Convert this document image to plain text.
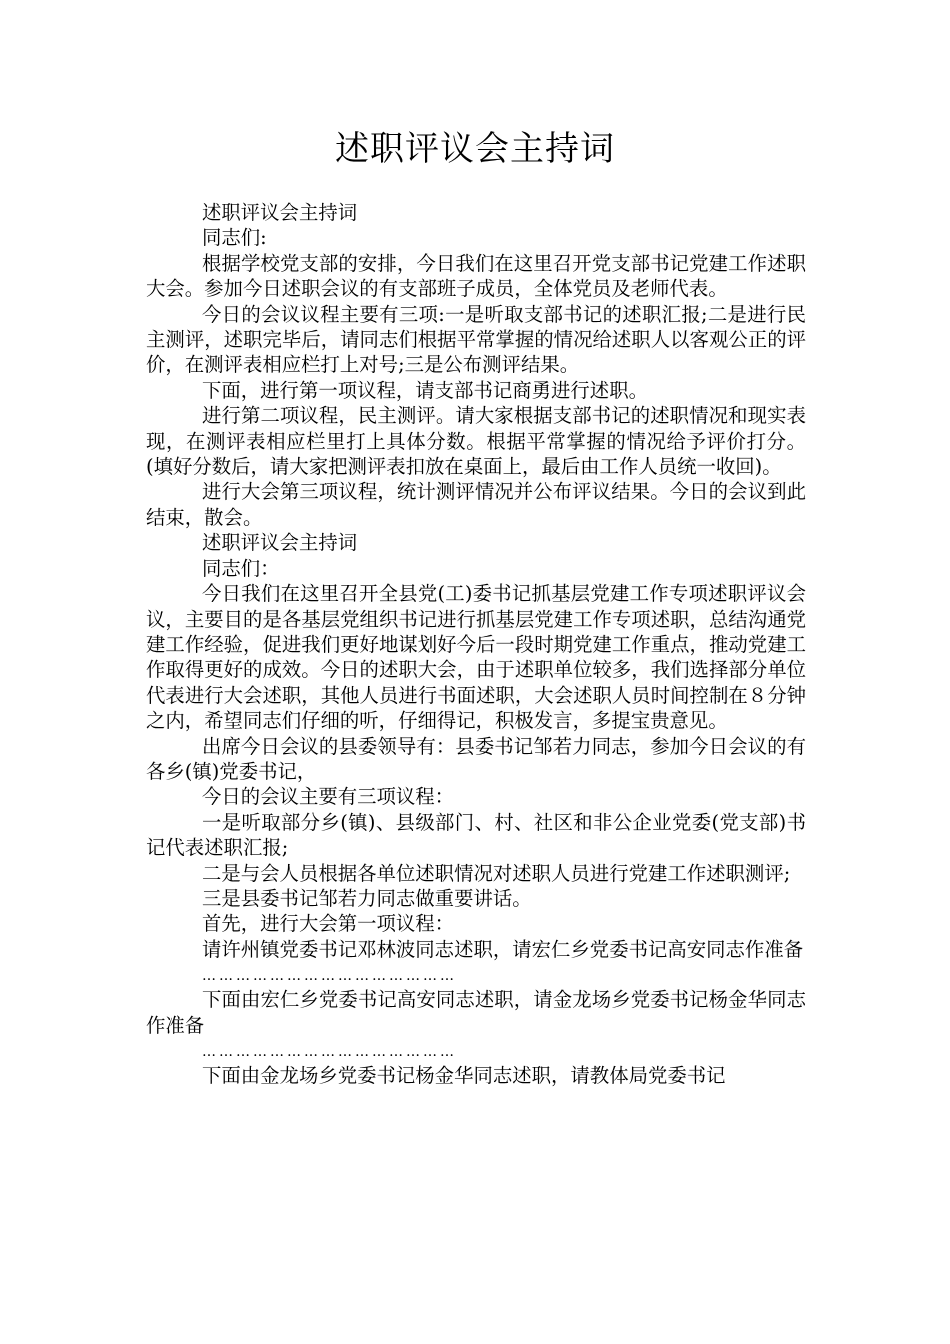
述职评议会主持词

述职评议会主持词

同志们:

根据学校党支部的安排，今日我们在这里召开党支部书记党建工作述职大会。参加今日述职会议的有支部班子成员，全体党员及老师代表。

今日的会议议程主要有三项:一是听取支部书记的述职汇报;二是进行民主测评，述职完毕后，请同志们根据平常掌握的情况给述职人以客观公正的评价，在测评表相应栏打上对号;三是公布测评结果。

下面，进行第一项议程，请支部书记商勇进行述职。

进行第二项议程，民主测评。请大家根据支部书记的述职情况和现实表现，在测评表相应栏里打上具体分数。根据平常掌握的情况给予评价打分。(填好分数后，请大家把测评表扣放在桌面上，最后由工作人员统一收回)。

进行大会第三项议程，统计测评情况并公布评议结果。今日的会议到此结束，散会。

述职评议会主持词

同志们：

今日我们在这里召开全县党(工)委书记抓基层党建工作专项述职评议会议，主要目的是各基层党组织书记进行抓基层党建工作专项述职，总结沟通党建工作经验，促进我们更好地谋划好今后一段时期党建工作重点，推动党建工作取得更好的成效。今日的述职大会，由于述职单位较多，我们选择部分单位代表进行大会述职，其他人员进行书面述职，大会述职人员时间控制在８分钟之内，希望同志们仔细的听，仔细得记，积极发言，多提宝贵意见。

出席今日会议的县委领导有：县委书记邹若力同志，参加今日会议的有各乡(镇)党委书记，

今日的会议主要有三项议程：

一是听取部分乡(镇)、县级部门、村、社区和非公企业党委(党支部)书记代表述职汇报;

二是与会人员根据各单位述职情况对述职人员进行党建工作述职测评;

三是县委书记邹若力同志做重要讲话。

首先，进行大会第一项议程：

请许州镇党委书记邓林波同志述职，请宏仁乡党委书记高安同志作准备

………………………………………

下面由宏仁乡党委书记高安同志述职，请金龙场乡党委书记杨金华同志作准备

………………………………………

下面由金龙场乡党委书记杨金华同志述职，请教体局党委书记
